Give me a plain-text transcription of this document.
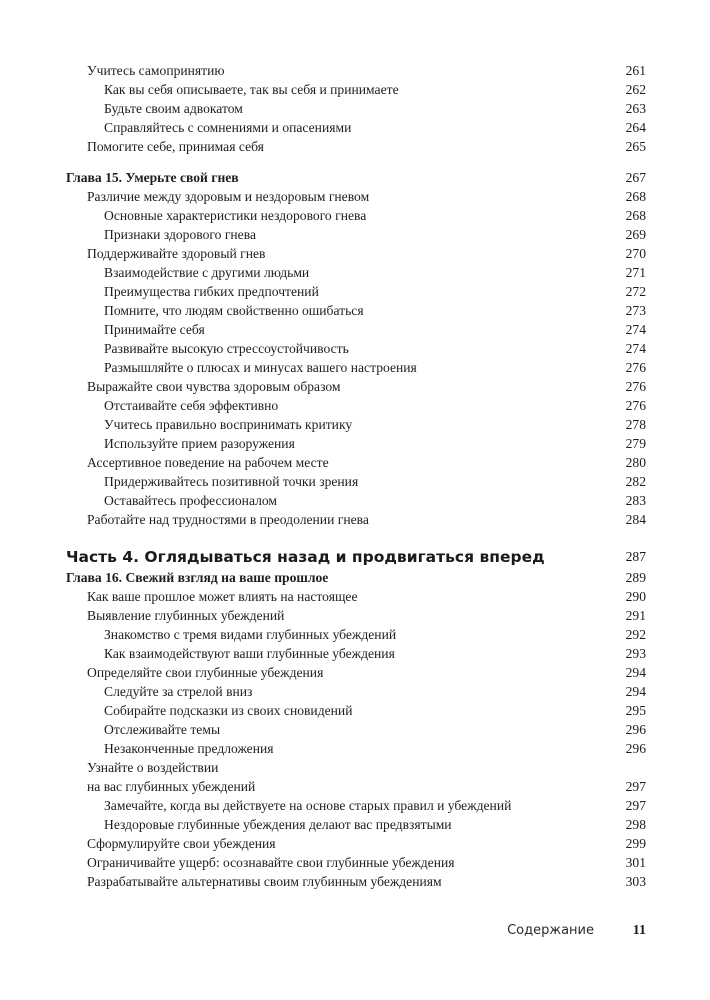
Учитесь самопринятию	261
Как вы себя описываете, так вы себя и принимаете	262
Будьте своим адвокатом	263
Справляйтесь с сомнениями и опасениями	264
Помогите себе, принимая себя	265
Глава 15. Умерьте свой гнев	267
Различие между здоровым и нездоровым гневом	268
Основные характеристики нездорового гнева	268
Признаки здорового гнева	269
Поддерживайте здоровый гнев	270
Взаимодействие с другими людьми	271
Преимущества гибких предпочтений	272
Помните, что людям свойственно ошибаться	273
Принимайте себя	274
Развивайте высокую стрессоустойчивость	274
Размышляйте о плюсах и минусах вашего настроения	276
Выражайте свои чувства здоровым образом	276
Отстаивайте себя эффективно	276
Учитесь правильно воспринимать критику	278
Используйте прием разоружения	279
Ассертивное поведение на рабочем месте	280
Придерживайтесь позитивной точки зрения	282
Оставайтесь профессионалом	283
Работайте над трудностями в преодолении гнева	284
Часть 4. Оглядываться назад и продвигаться вперед	287
Глава 16. Свежий взгляд на ваше прошлое	289
Как ваше прошлое может влиять на настоящее	290
Выявление глубинных убеждений	291
Знакомство с тремя видами глубинных убеждений	292
Как взаимодействуют ваши глубинные убеждения	293
Определяйте свои глубинные убеждения	294
Следуйте за стрелой вниз	294
Собирайте подсказки из своих сновидений	295
Отслеживайте темы	296
Незаконченные предложения	296
Узнайте о воздействии
на вас глубинных убеждений	297
Замечайте, когда вы действуете на основе старых правил и убеждений	297
Нездоровые глубинные убеждения делают вас предвзятыми	298
Сформулируйте свои убеждения	299
Ограничивайте ущерб: осознавайте свои глубинные убеждения	301
Разрабатывайте альтернативы своим глубинным убеждениям	303
Содержание	11
